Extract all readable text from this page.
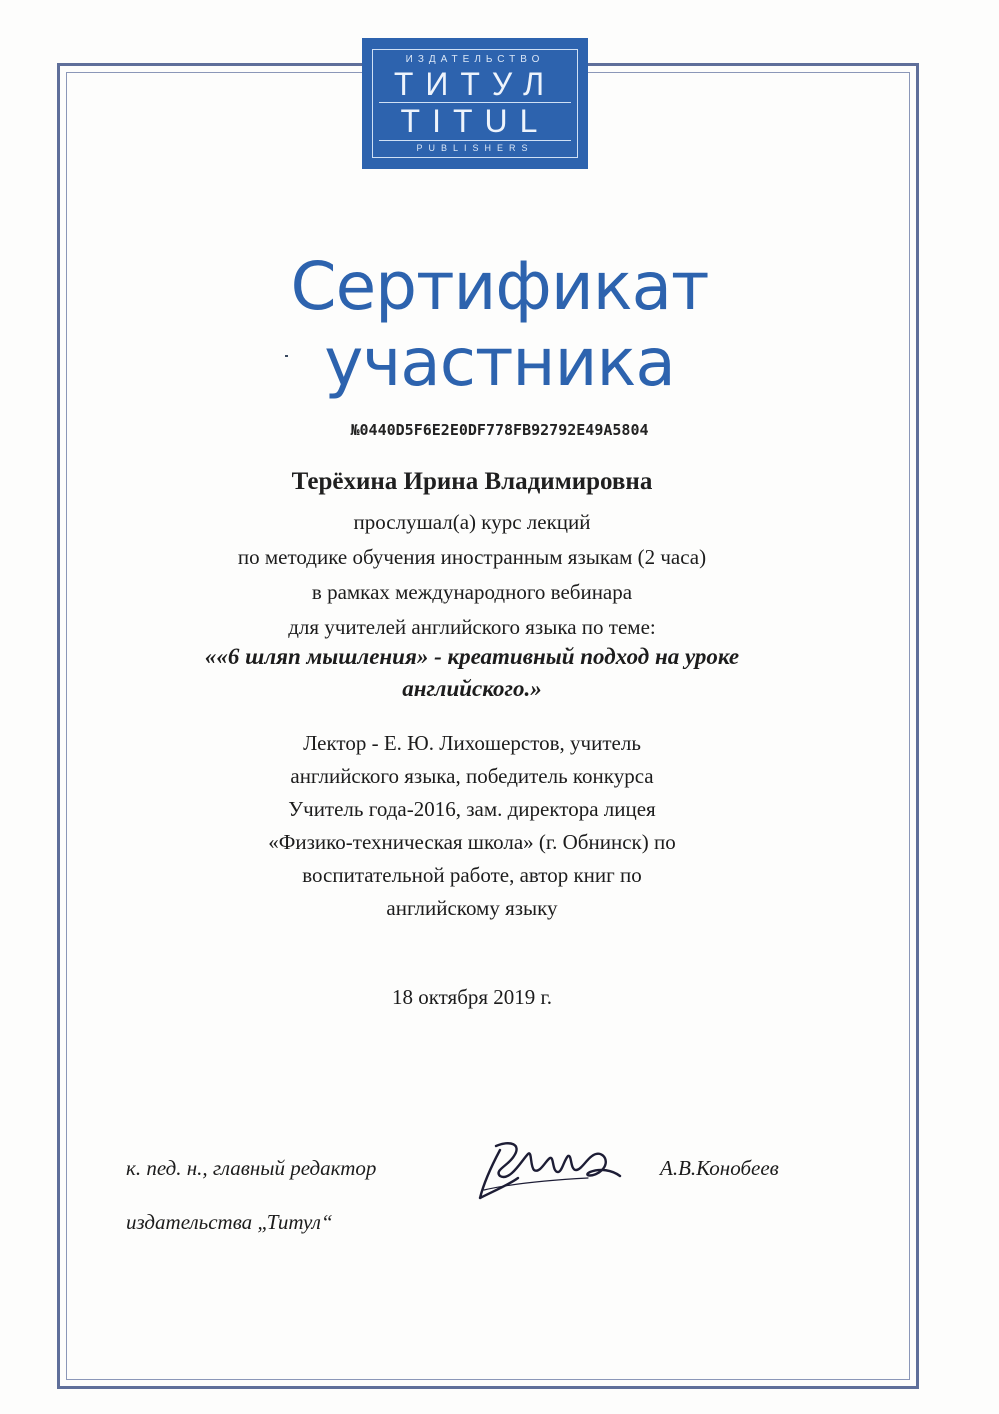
ИЗДАТЕЛЬСТВО
ТИТУЛ
TITUL
PUBLISHERS
Сертификат
участника
№0440D5F6E2E0DF778FB92792E49A5804
Терёхина Ирина Владимировна
прослушал(а) курс лекций
по методике обучения иностранным языкам (2 часа)
в рамках международного вебинара
для учителей английского языка по теме:
««6 шляп мышления» - креативный подход на уроке
английского.»
Лектор - Е. Ю. Лихошерстов, учитель
английского языка, победитель конкурса
Учитель года-2016, зам. директора лицея
«Физико-техническая школа» (г. Обнинск) по
воспитательной работе, автор книг по
английскому языку
18 октября 2019 г.
к. пед. н., главный редактор
издательства „Титул“
А.В.Конобеев
